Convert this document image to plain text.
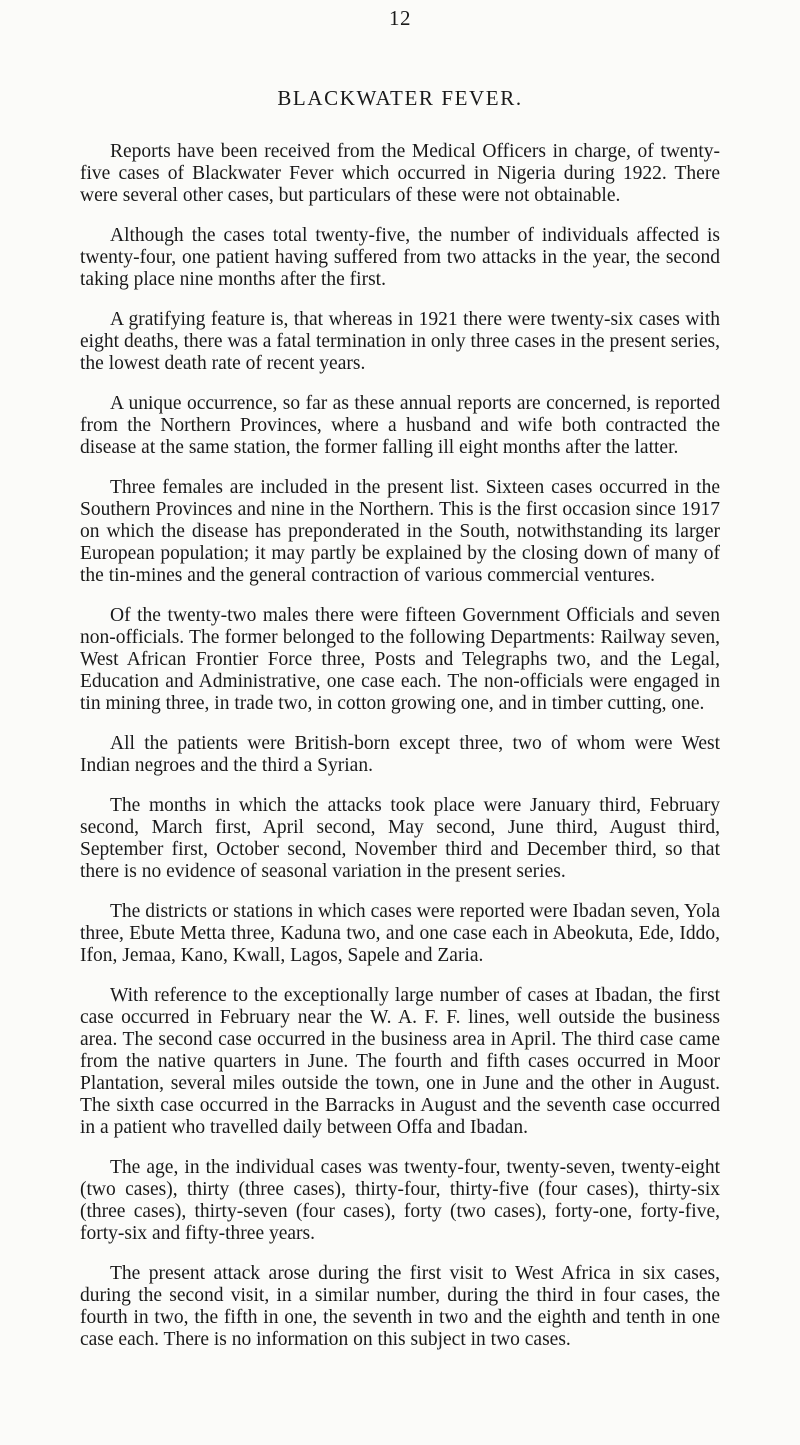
12
BLACKWATER FEVER.

Reports have been received from the Medical Officers in charge, of twenty-five cases of Blackwater Fever which occurred in Nigeria during 1922. There were several other cases, but particulars of these were not obtainable.

Although the cases total twenty-five, the number of individuals affected is twenty-four, one patient having suffered from two attacks in the year, the second taking place nine months after the first.

A gratifying feature is, that whereas in 1921 there were twenty-six cases with eight deaths, there was a fatal termination in only three cases in the present series, the lowest death rate of recent years.

A unique occurrence, so far as these annual reports are concerned, is reported from the Northern Provinces, where a husband and wife both contracted the disease at the same station, the former falling ill eight months after the latter.

Three females are included in the present list. Sixteen cases occurred in the Southern Provinces and nine in the Northern. This is the first occasion since 1917 on which the disease has preponderated in the South, notwithstanding its larger European population; it may partly be explained by the closing down of many of the tin-mines and the general contraction of various commercial ventures.

Of the twenty-two males there were fifteen Government Officials and seven non-officials. The former belonged to the following Departments: Railway seven, West African Frontier Force three, Posts and Telegraphs two, and the Legal, Education and Administrative, one case each. The non-officials were engaged in tin mining three, in trade two, in cotton growing one, and in timber cutting, one.

All the patients were British-born except three, two of whom were West Indian negroes and the third a Syrian.

The months in which the attacks took place were January third, February second, March first, April second, May second, June third, August third, September first, October second, November third and December third, so that there is no evidence of seasonal variation in the present series.

The districts or stations in which cases were reported were Ibadan seven, Yola three, Ebute Metta three, Kaduna two, and one case each in Abeokuta, Ede, Iddo, Ifon, Jemaa, Kano, Kwall, Lagos, Sapele and Zaria.

With reference to the exceptionally large number of cases at Ibadan, the first case occurred in February near the W. A. F. F. lines, well outside the business area. The second case occurred in the business area in April. The third case came from the native quarters in June. The fourth and fifth cases occurred in Moor Plantation, several miles outside the town, one in June and the other in August. The sixth case occurred in the Barracks in August and the seventh case occurred in a patient who travelled daily between Offa and Ibadan.

The age, in the individual cases was twenty-four, twenty-seven, twenty-eight (two cases), thirty (three cases), thirty-four, thirty-five (four cases), thirty-six (three cases), thirty-seven (four cases), forty (two cases), forty-one, forty-five, forty-six and fifty-three years.

The present attack arose during the first visit to West Africa in six cases, during the second visit, in a similar number, during the third in four cases, the fourth in two, the fifth in one, the seventh in two and the eighth and tenth in one case each. There is no information on this subject in two cases.
